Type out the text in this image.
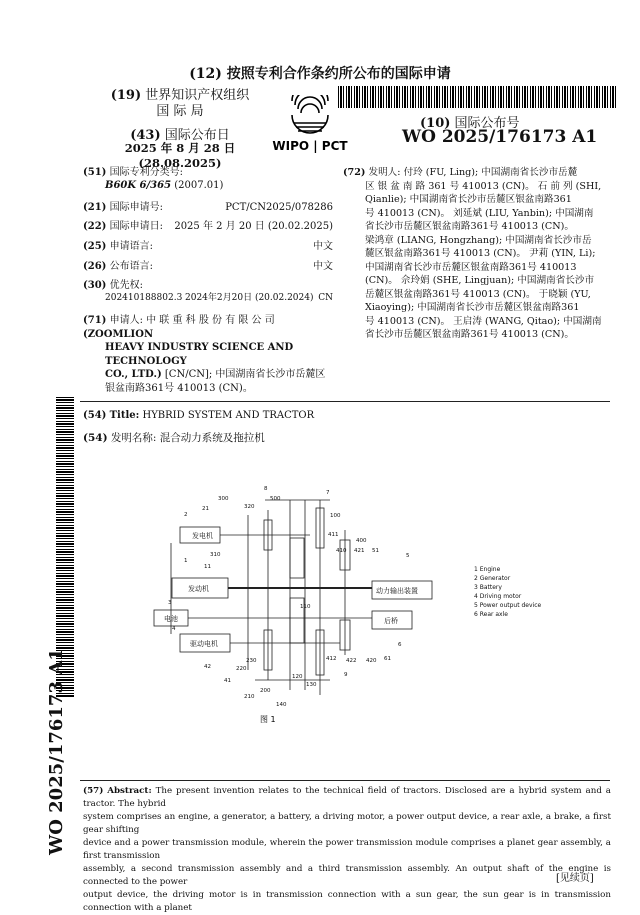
(12) 按照专利合作条约所公布的国际申请
(19) 世界知识产权组织
国 际 局
(43) 国际公布日
2025 年 8 月 28 日 (28.08.2025)
WIPO | PCT
(10) 国际公布号
WO 2025/176173 A1
(51) 国际专利分类号:
B60K 6/365 (2007.01)
(21) 国际申请号:	PCT/CN2025/078286
(22) 国际申请日: 2025 年 2 月 20 日 (20.02.2025)
(25) 申请语言:	中文
(26) 公布语言:	中文
(30) 优先权:
202410188802.3 2024年2月20日 (20.02.2024) CN
(71) 申请人: 中 联 重 科 股 份 有 限 公 司 (ZOOMLION
HEAVY INDUSTRY SCIENCE AND TECHNOLOGY
CO., LTD.) [CN/CN]; 中国湖南省长沙市岳麓区
银盆南路361号 410013 (CN)。
(72) 发明人: 付玲 (FU, Ling); 中国湖南省长沙市岳麓
区 银 盆 南 路 361 号 410013 (CN)。 石 前 列 (SHI,
Qianlie); 中国湖南省长沙市岳麓区银盆南路361
号 410013 (CN)。 刘延斌 (LIU, Yanbin); 中国湖南
省长沙市岳麓区银盆南路361号 410013 (CN)。
梁鸿章 (LIANG, Hongzhang); 中国湖南省长沙市岳
麓区银盆南路361号 410013 (CN)。 尹莉 (YIN, Li);
中国湖南省长沙市岳麓区银盆南路361号 410013
(CN)。 佘玲娟 (SHE, Lingjuan); 中国湖南省长沙市
岳麓区银盆南路361号 410013 (CN)。 于晓颖 (YU,
Xiaoying); 中国湖南省长沙市岳麓区银盆南路361
号 410013 (CN)。 王启涛 (WANG, Qitao); 中国湖南
省长沙市岳麓区银盆南路361号 410013 (CN)。
(54) Title: HYBRID SYSTEM AND TRACTOR
(54) 发明名称: 混合动力系统及拖拉机
发电机
发动机
电池
驱动电机
动力输出装置
后桥
8
7
300
320
500
21
100
2
411
400
310
410 421 51
5
1
11
110
3
4
412 422 420 61
6
220
230
120
130
9
42
41
210
200
140
图 1
1 Engine
2 Generator
3 Battery
4 Driving motor
5 Power output device
6 Rear axle
(57) Abstract: The present invention relates to the technical field of tractors. Disclosed are a hybrid system and a tractor. The hybrid
system comprises an engine, a generator, a battery, a driving motor, a power output device, a rear axle, a brake, a first gear shifting
device and a power transmission module, wherein the power transmission module comprises a planet gear assembly, a first transmission
assembly, a second transmission assembly and a third transmission assembly. An output shaft of the engine is connected to the power
output device, the driving motor is in transmission connection with a sun gear, the sun gear is in transmission connection with a planet
WO 2025/176173 A1
[见续页]
